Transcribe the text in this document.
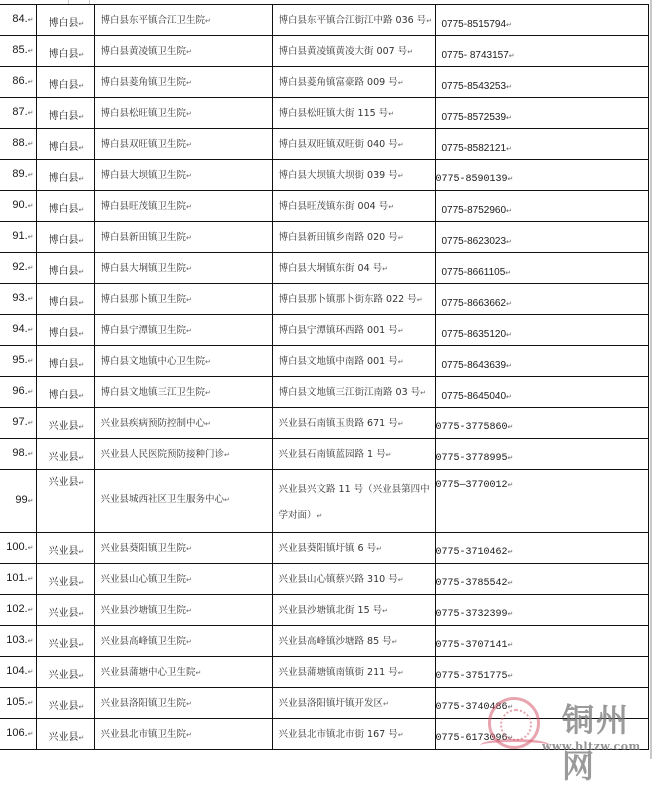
84.↵	博白县↵	博白县东平镇合江卫生院↵	博白县东平镇合江街江中路 036 号↵	0775-8515794↵
85.↵	博白县↵	博白县黄凌镇卫生院↵	博白县黄凌镇黄凌大街 007 号↵	0775- 8743157↵
86.↵	博白县↵	博白县菱角镇卫生院↵	博白县菱角镇富豪路 009 号↵	0775-8543253↵
87.↵	博白县↵	博白县松旺镇卫生院↵	博白县松旺镇大街 115 号↵	0775-8572539↵
88.↵	博白县↵	博白县双旺镇卫生院↵	博白县双旺镇双旺街 040 号↵	0775-8582121↵
89.↵	博白县↵	博白县大坝镇卫生院↵	博白县大坝镇大坝街 039 号↵	0775-8590139↵
90.↵	博白县↵	博白县旺茂镇卫生院↵	博白县旺茂镇东街 004 号↵	0775-8752960↵
91.↵	博白县↵	博白县新田镇卫生院↵	博白县新田镇乡南路 020 号↵	0775-8623023↵
92.↵	博白县↵	博白县大垌镇卫生院↵	博白县大垌镇东街 04 号↵	0775-8661105↵
93.↵	博白县↵	博白县那卜镇卫生院↵	博白县那卜镇那卜街东路 022 号↵	0775-8663662↵
94.↵	博白县↵	博白县宁潭镇卫生院↵	博白县宁潭镇环西路 001 号↵	0775-8635120↵
95.↵	博白县↵	博白县文地镇中心卫生院↵	博白县文地镇中南路 001 号↵	0775-8643639↵
96.↵	博白县↵	博白县文地镇三江卫生院↵	博白县文地镇三江街江南路 03 号↵	0775-8645040↵
97.↵	兴业县↵	兴业县疾病预防控制中心↵	兴业县石南镇玉贵路 671 号↵	0775-3775860↵
98.↵	兴业县↵	兴业县人民医院预防接种门诊↵	兴业县石南镇蓝园路 1 号↵	0775-3778995↵
99↵	兴业县↵	兴业县城西社区卫生服务中心↵	兴业县兴文路 11 号（兴业县第四中学对面）↵	0775—3770012↵
100.↵	兴业县↵	兴业县葵阳镇卫生院↵	兴业县葵阳镇圩镇 6 号↵	0775-3710462↵
101.↵	兴业县↵	兴业县山心镇卫生院↵	兴业县山心镇蔡兴路 310 号↵	0775-3785542↵
102.↵	兴业县↵	兴业县沙塘镇卫生院↵	兴业县沙塘镇北街 15 号↵	0775-3732399↵
103.↵	兴业县↵	兴业县高峰镇卫生院↵	兴业县高峰镇沙塘路 85 号↵	0775-3707141↵
104.↵	兴业县↵	兴业县蒲塘中心卫生院↵	兴业县蒲塘镇南镇街 211 号↵	0775-3751775↵
105.↵	兴业县↵	兴业县洛阳镇卫生院↵	兴业县洛阳镇圩镇开发区↵	0775-3740486↵
106.↵	兴业县↵	兴业县北市镇卫生院↵	兴业县北市镇北市街 167 号↵	0775-6173096↵ 铜州网
www.bltzw.com
